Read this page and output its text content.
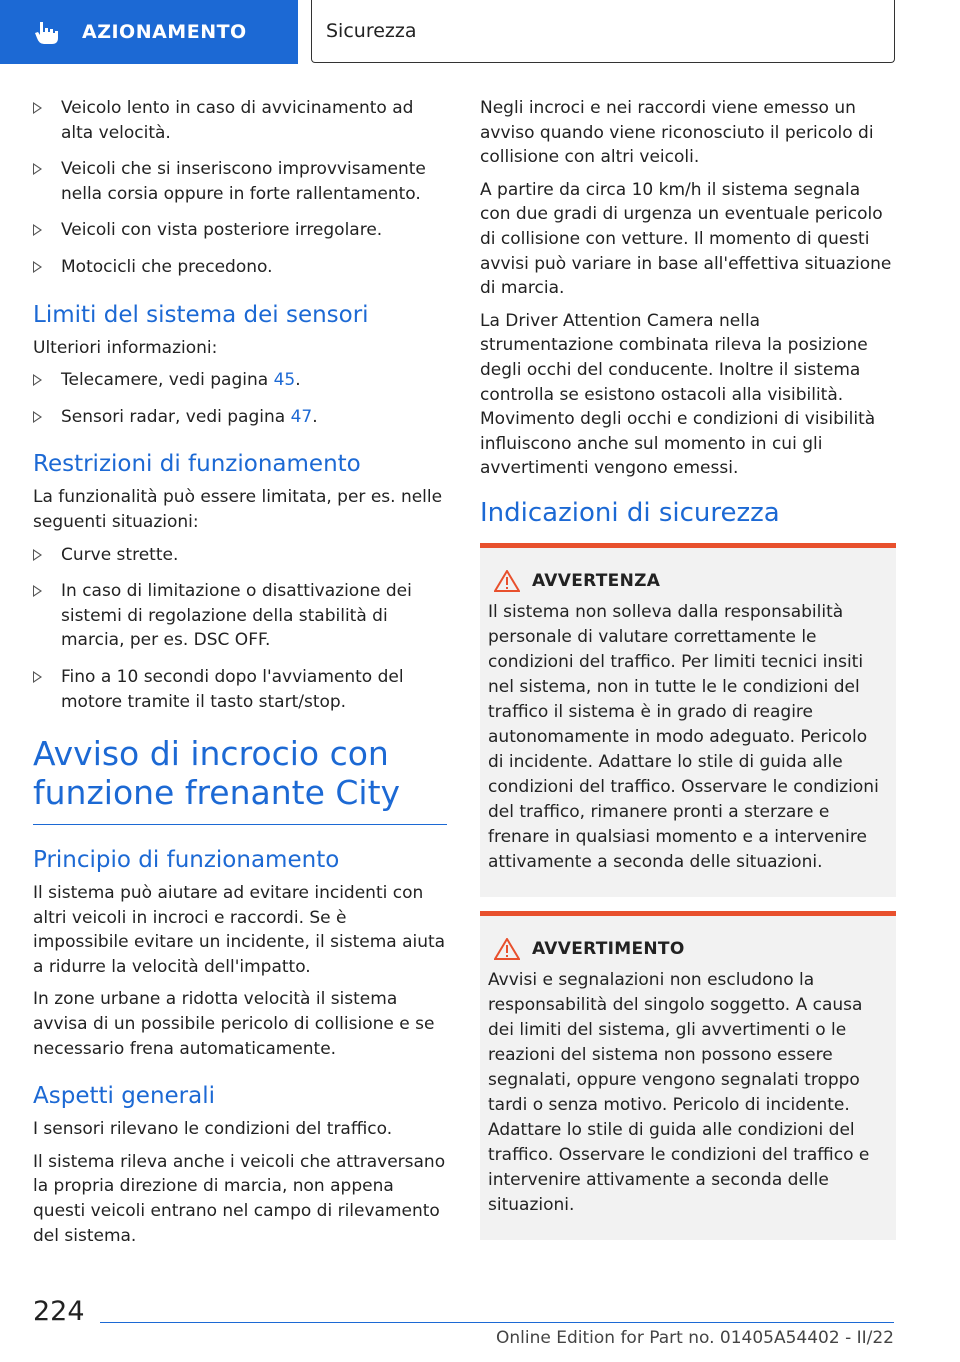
AZIONAMENTO	Sicurezza
Veicolo lento in caso di avvicinamento ad alta velocità.
Veicoli che si inseriscono improvvisamente nella corsia oppure in forte rallentamento.
Veicoli con vista posteriore irregolare.
Motocicli che precedono.
Limiti del sistema dei sensori

Ulteriori informazioni:

Telecamere, vedi pagina 45.
Sensori radar, vedi pagina 47.
Restrizioni di funzionamento

La funzionalità può essere limitata, per es. nelle seguenti situazioni:

Curve strette.
In caso di limitazione o disattivazione dei sistemi di regolazione della stabilità di marcia, per es. DSC OFF.
Fino a 10 secondi dopo l'avviamento del motore tramite il tasto start/stop.
Avviso di incrocio con funzione frenante City
Principio di funzionamento

Il sistema può aiutare ad evitare incidenti con altri veicoli in incroci e raccordi. Se è impossibile evitare un incidente, il sistema aiuta a ridurre la velocità dell'impatto.

In zone urbane a ridotta velocità il sistema avvisa di un possibile pericolo di collisione e se necessario frena automaticamente.

Aspetti generali

I sensori rilevano le condizioni del traffico.

Il sistema rileva anche i veicoli che attraversano la propria direzione di marcia, non appena questi veicoli entrano nel campo di rilevamento del sistema.

Negli incroci e nei raccordi viene emesso un avviso quando viene riconosciuto il pericolo di collisione con altri veicoli.

A partire da circa 10 km/h il sistema segnala con due gradi di urgenza un eventuale pericolo di collisione con vetture. Il momento di questi avvisi può variare in base all'effettiva situazione di marcia.

La Driver Attention Camera nella strumentazione combinata rileva la posizione degli occhi del conducente. Inoltre il sistema controlla se esistono ostacoli alla visibilità. Movimento degli occhi e condizioni di visibilità influiscono anche sul momento in cui gli avvertimenti vengono emessi.

Indicazioni di sicurezza
AVVERTENZA

Il sistema non solleva dalla responsabilità personale di valutare correttamente le condizioni del traffico. Per limiti tecnici insiti nel sistema, non in tutte le le condizioni del traffico il sistema è in grado di reagire autonomamente in modo adeguato. Pericolo di incidente. Adattare lo stile di guida alle condizioni del traffico. Osservare le condizioni del traffico, rimanere pronti a sterzare e frenare in qualsiasi momento e a intervenire attivamente a seconda delle situazioni.

AVVERTIMENTO

Avvisi e segnalazioni non escludono la responsabilità del singolo soggetto. A causa dei limiti del sistema, gli avvertimenti o le reazioni del sistema non possono essere segnalati, oppure vengono segnalati troppo tardi o senza motivo. Pericolo di incidente. Adattare lo stile di guida alle condizioni del traffico. Osservare le condizioni del traffico e intervenire attivamente a seconda delle situazioni.

224
Online Edition for Part no. 01405A54402 - II/22
